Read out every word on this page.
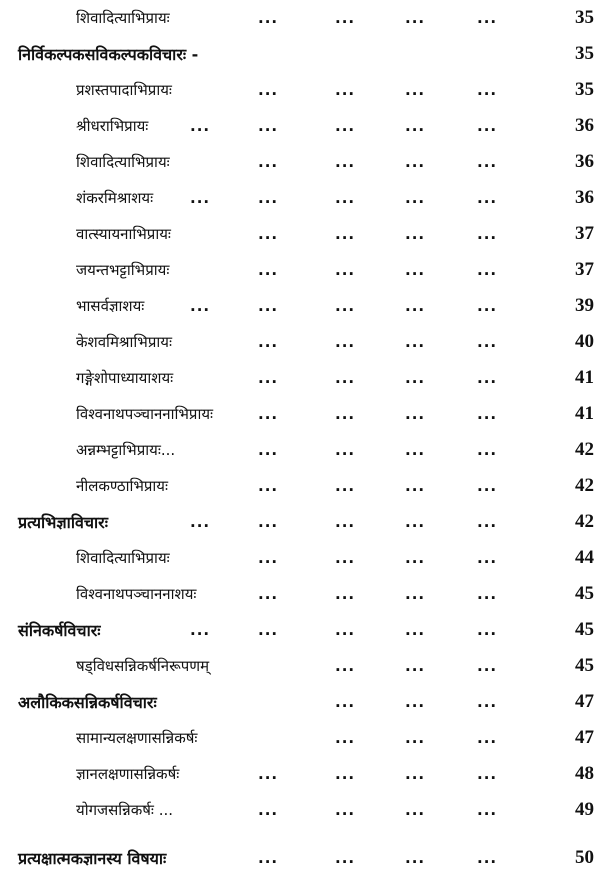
शिवादित्याभिप्रायः	...	...	...	...	35
निर्विकल्पकसविकल्पकविचारः -	35
प्रशस्तपादाभिप्रायः	...	...	...	...	35
श्रीधराभिप्रायः	...	...	...	...	...	36
शिवादित्याभिप्रायः	...	...	...	...	36
शंकरमिश्राशयः ...	...	...	...	...	36
वात्स्यायनाभिप्रायः	...	...	...	...	37
जयन्तभट्टाभिप्रायः	...	...	...	...	37
भासर्वज्ञाशयः	...	...	...	...	...	39
केशवमिश्राभिप्रायः	...	...	...	...	40
गङ्गेशोपाध्यायाशयः	...	...	...	...	41
विश्वनाथपञ्चाननाभिप्रायः	...	...	...	...	41
अन्नम्भट्टाभिप्रायः...	...	...	...	...	42
नीलकण्ठाभिप्रायः	...	...	...	...	42
प्रत्यभिज्ञाविचारः	...	...	...	...	...	42
शिवादित्याभिप्रायः	...	...	...	...	44
विश्वनाथपञ्चाननाशयः	...	...	...	...	45
संनिकर्षविचारः	...	...	...	...	...	45
षड्विधसन्निकर्षनिरूपणम्	...	...	...	45
अलौकिकसन्निकर्षविचारः	...	...	...	47
सामान्यलक्षणासन्निकर्षः	...	...	...	47
ज्ञानलक्षणासन्निकर्षः	...	...	...	...	48
योगजसन्निकर्षः ...	...	...	...	...	49
प्रत्यक्षात्मकज्ञानस्य विषयाः	...	...	...	...	50
